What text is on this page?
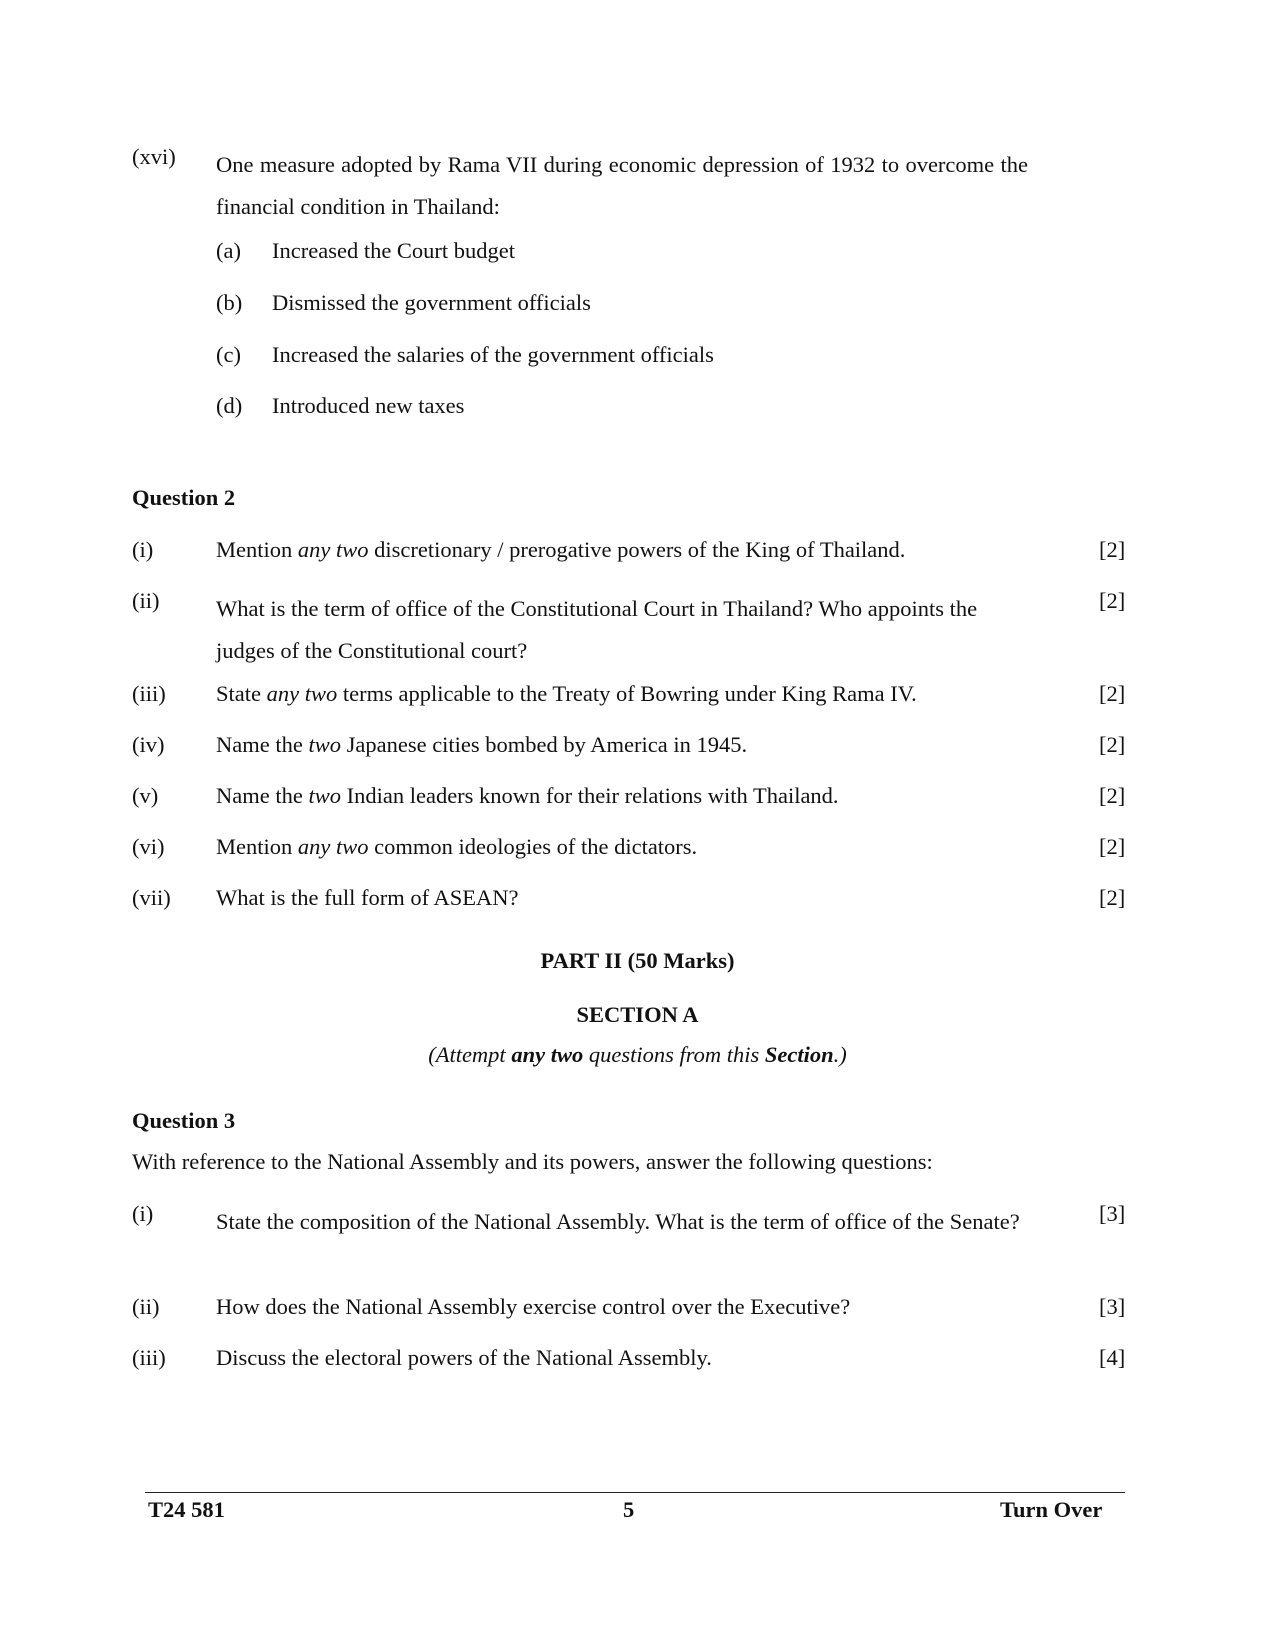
(xvi) One measure adopted by Rama VII during economic depression of 1932 to overcome the financial condition in Thailand:
(a) Increased the Court budget
(b) Dismissed the government officials
(c) Increased the salaries of the government officials
(d) Introduced new taxes
Question 2
(i)	Mention any two discretionary / prerogative powers of the King of Thailand.	[2]
(ii)	What is the term of office of the Constitutional Court in Thailand? Who appoints the judges of the Constitutional court?
[2]
(iii) State any two terms applicable to the Treaty of Bowring under King Rama IV.	[2]
(iv) Name the two Japanese cities bombed by America in 1945.	[2]
(v)	Name the two Indian leaders known for their relations with Thailand.	[2]
(vi) Mention any two common ideologies of the dictators.	[2]
(vii) What is the full form of ASEAN?	[2]
PART II (50 Marks)
SECTION A
(Attempt any two questions from this Section.)
Question 3
With reference to the National Assembly and its powers, answer the following questions:
(i)	State the composition of the National Assembly. What is the term of office of the Senate?	[3]
(ii)	How does the National Assembly exercise control over the Executive?	[3]
(iii) Discuss the electoral powers of the National Assembly.	[4]
T24 581	5	Turn Over
